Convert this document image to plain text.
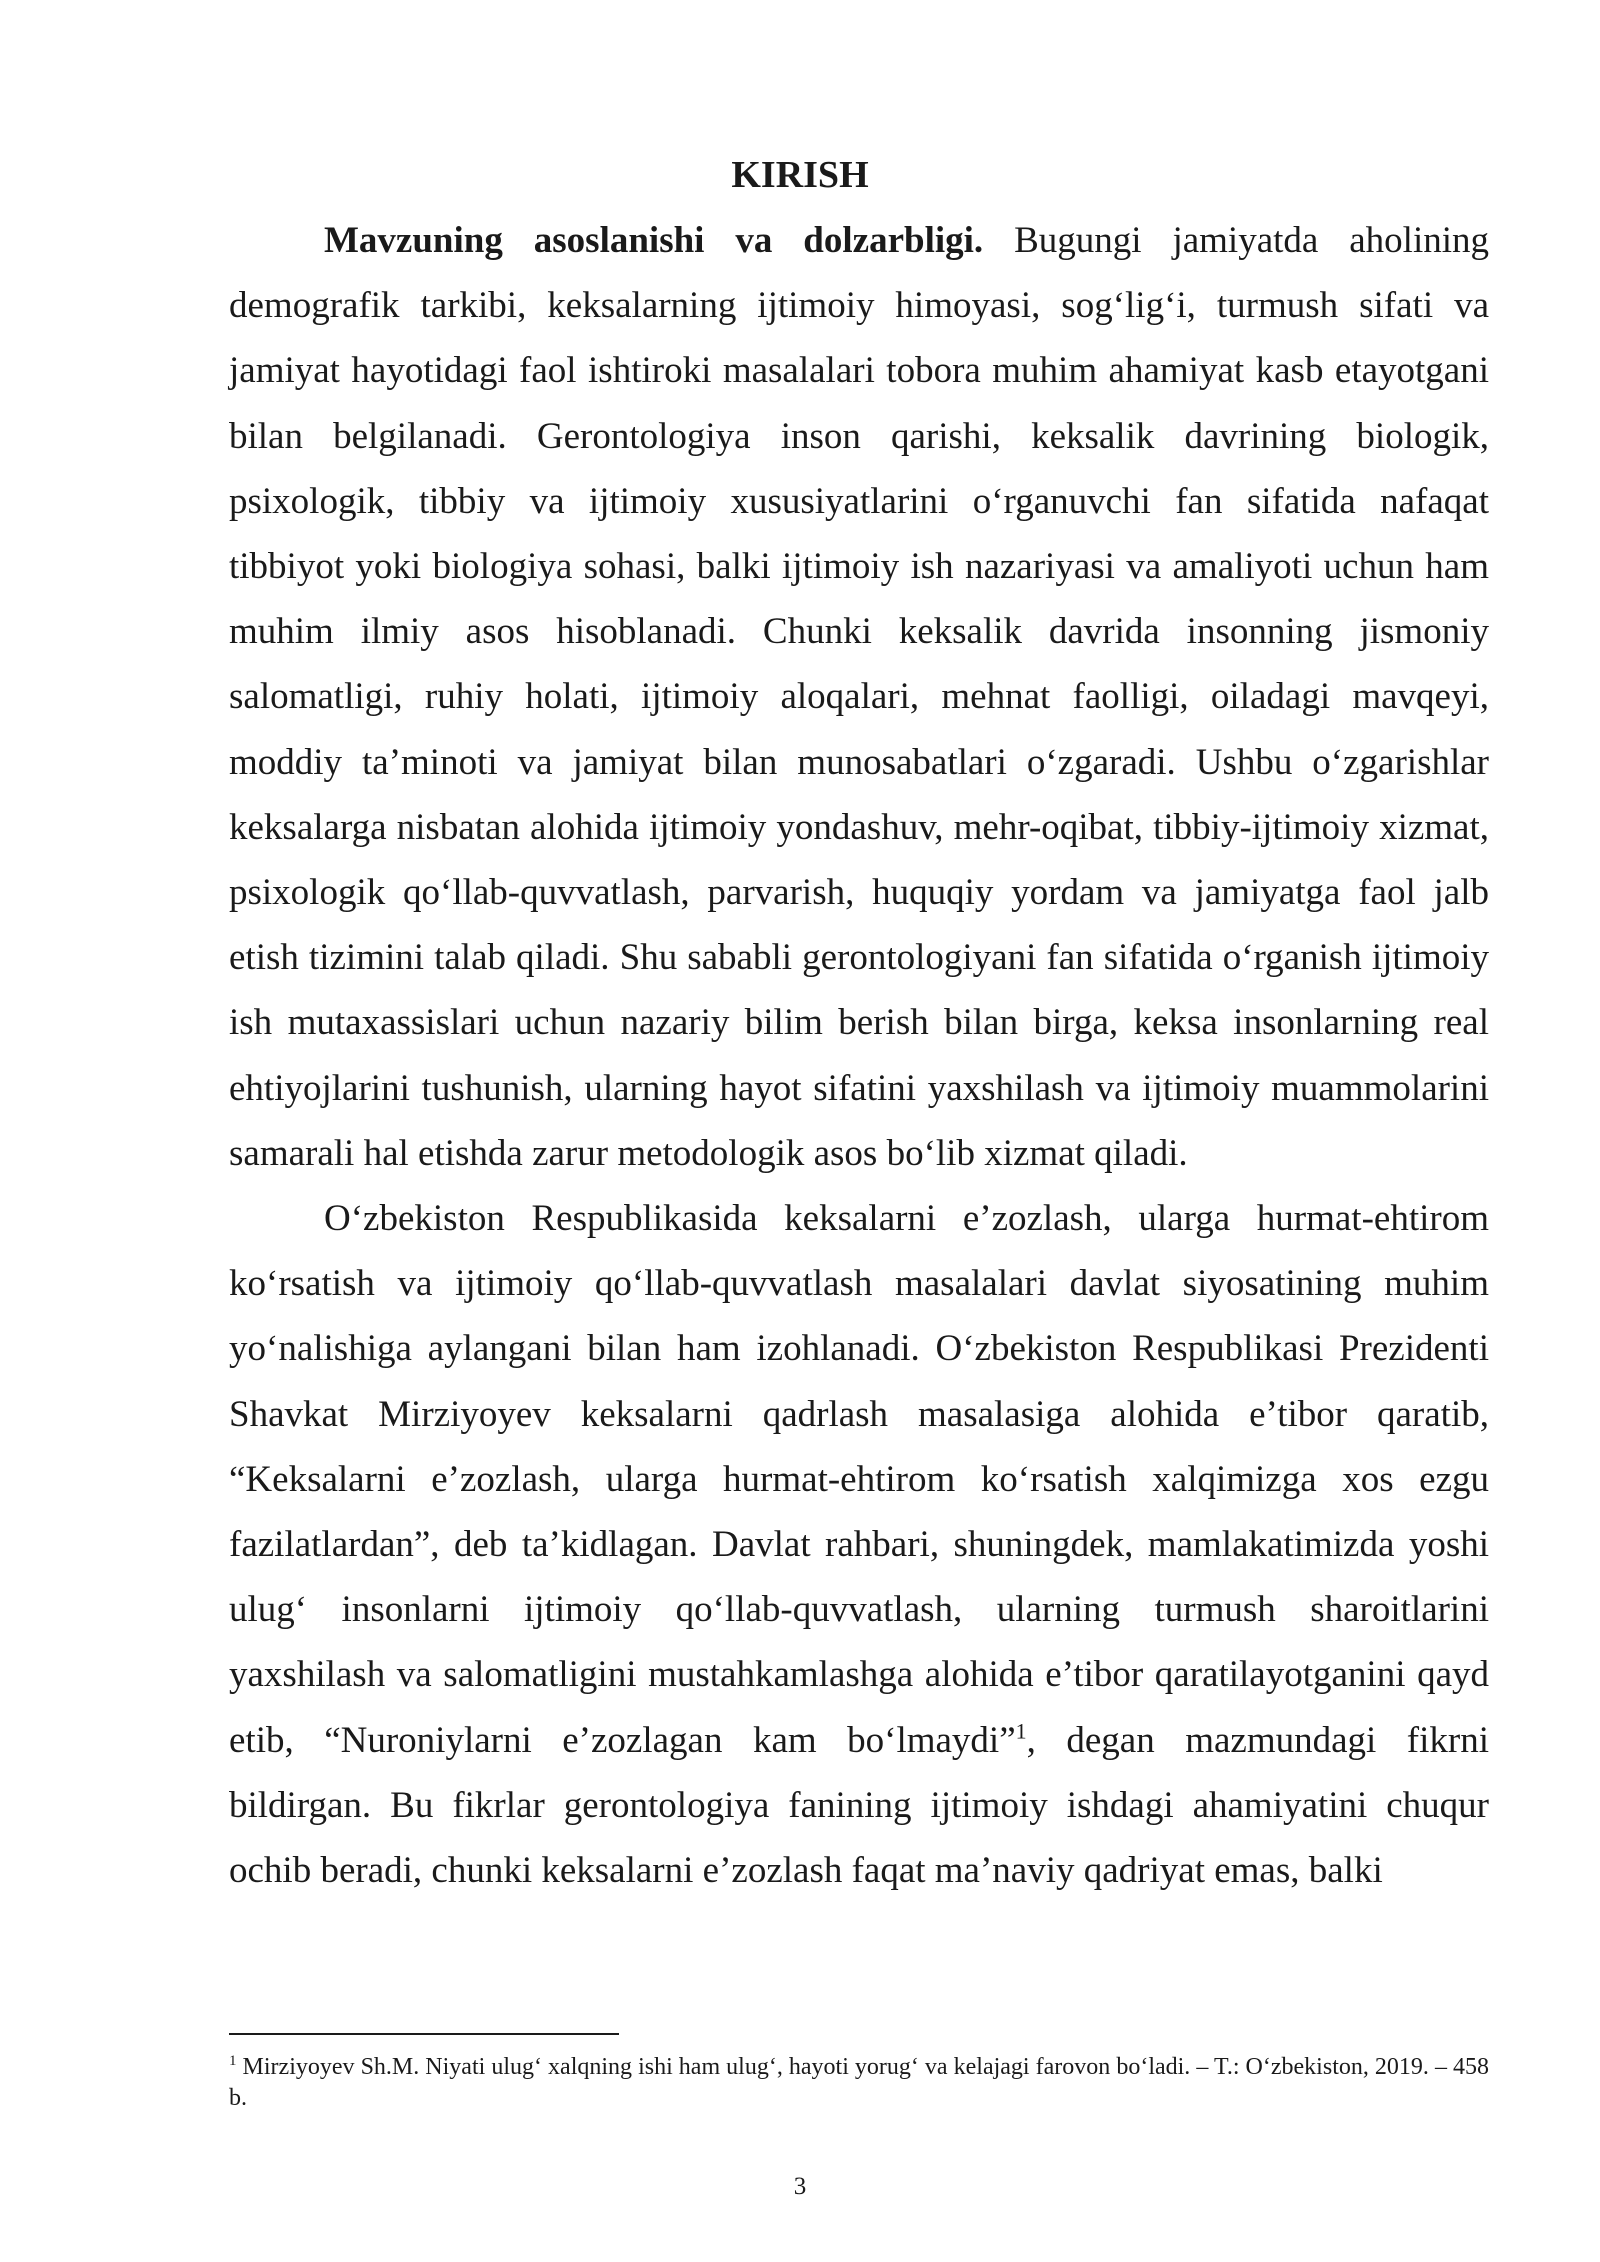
KIRISH

Mavzuning asoslanishi va dolzarbligi. Bugungi jamiyatda aholining demografik tarkibi, keksalarning ijtimoiy himoyasi, sog‘lig‘i, turmush sifati va jamiyat hayotidagi faol ishtiroki masalalari tobora muhim ahamiyat kasb etayotgani bilan belgilanadi. Gerontologiya inson qarishi, keksalik davrining biologik, psixologik, tibbiy va ijtimoiy xususiyatlarini o‘rganuvchi fan sifatida nafaqat tibbiyot yoki biologiya sohasi, balki ijtimoiy ish nazariyasi va amaliyoti uchun ham muhim ilmiy asos hisoblanadi. Chunki keksalik davrida insonning jismoniy salomatligi, ruhiy holati, ijtimoiy aloqalari, mehnat faolligi, oiladagi mavqeyi, moddiy ta’minoti va jamiyat bilan munosabatlari o‘zgaradi. Ushbu o‘zgarishlar keksalarga nisbatan alohida ijtimoiy yondashuv, mehr-oqibat, tibbiy-ijtimoiy xizmat, psixologik qo‘llab-quvvatlash, parvarish, huquqiy yordam va jamiyatga faol jalb etish tizimini talab qiladi. Shu sababli gerontologiyani fan sifatida o‘rganish ijtimoiy ish mutaxassislari uchun nazariy bilim berish bilan birga, keksa insonlarning real ehtiyojlarini tushunish, ularning hayot sifatini yaxshilash va ijtimoiy muammolarini samarali hal etishda zarur metodologik asos bo‘lib xizmat qiladi.

O‘zbekiston Respublikasida keksalarni e’zozlash, ularga hurmat-ehtirom ko‘rsatish va ijtimoiy qo‘llab-quvvatlash masalalari davlat siyosatining muhim yo‘nalishiga aylangani bilan ham izohlanadi. O‘zbekiston Respublikasi Prezidenti Shavkat Mirziyoyev keksalarni qadrlash masalasiga alohida e’tibor qaratib, “Keksalarni e’zozlash, ularga hurmat-ehtirom ko‘rsatish xalqimizga xos ezgu fazilatlardan”, deb ta’kidlagan. Davlat rahbari, shuningdek, mamlakatimizda yoshi ulug‘ insonlarni ijtimoiy qo‘llab-quvvatlash, ularning turmush sharoitlarini yaxshilash va salomatligini mustahkamlashga alohida e’tibor qaratilayotganini qayd etib, “Nuroniylarni e’zozlagan kam bo‘lmaydi”$^1$, degan mazmundagi fikrni bildirgan. Bu fikrlar gerontologiya fanining ijtimoiy ishdagi ahamiyatini chuqur ochib beradi, chunki keksalarni e’zozlash faqat ma’naviy qadriyat emas, balki

$^1$ Mirziyoyev Sh.M. Niyati ulug‘ xalqning ishi ham ulug‘, hayoti yorug‘ va kelajagi farovon bo‘ladi. – T.: O‘zbekiston, 2019. – 458 b.
3
